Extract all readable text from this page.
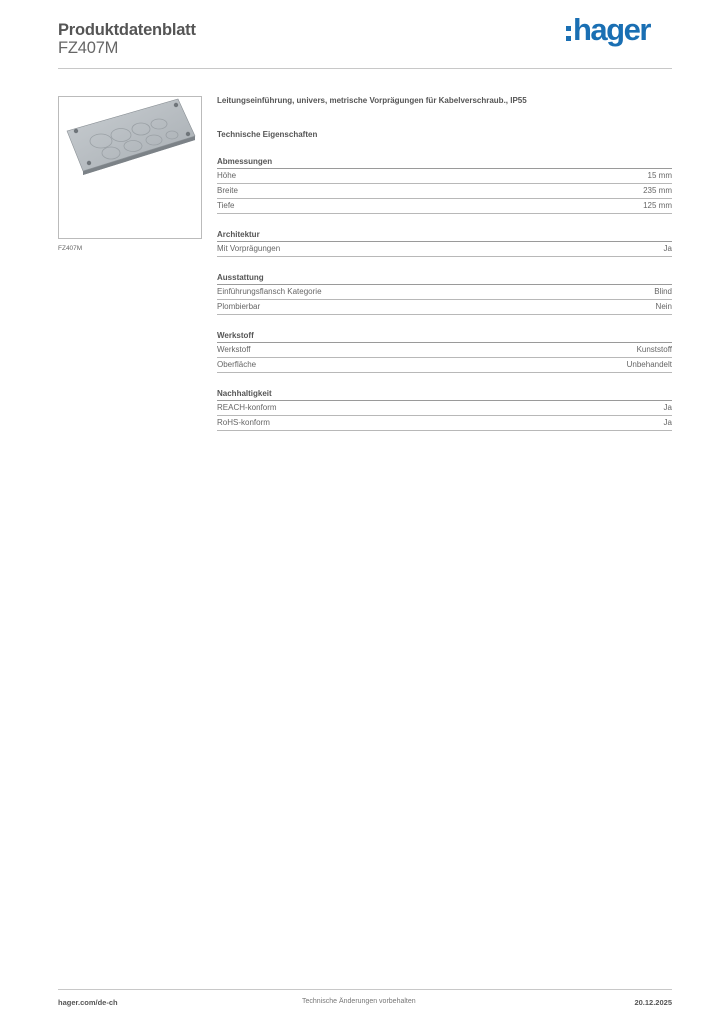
Produktdatenblatt
FZ407M
hager
FZ407M
Leitungseinführung, univers, metrische Vorprägungen für Kabelverschraub., IP55
Technische Eigenschaften
Abmessungen
Höhe	15 mm
Breite	235 mm
Tiefe	125 mm
Architektur
Mit Vorprägungen	Ja
Ausstattung
Einführungsflansch Kategorie	Blind
Plombierbar	Nein
Werkstoff
Werkstoff	Kunststoff
Oberfläche	Unbehandelt
Nachhaltigkeit
REACH-konform	Ja
RoHS-konform	Ja
hager.com/de-ch	Technische Änderungen vorbehalten	20.12.2025
